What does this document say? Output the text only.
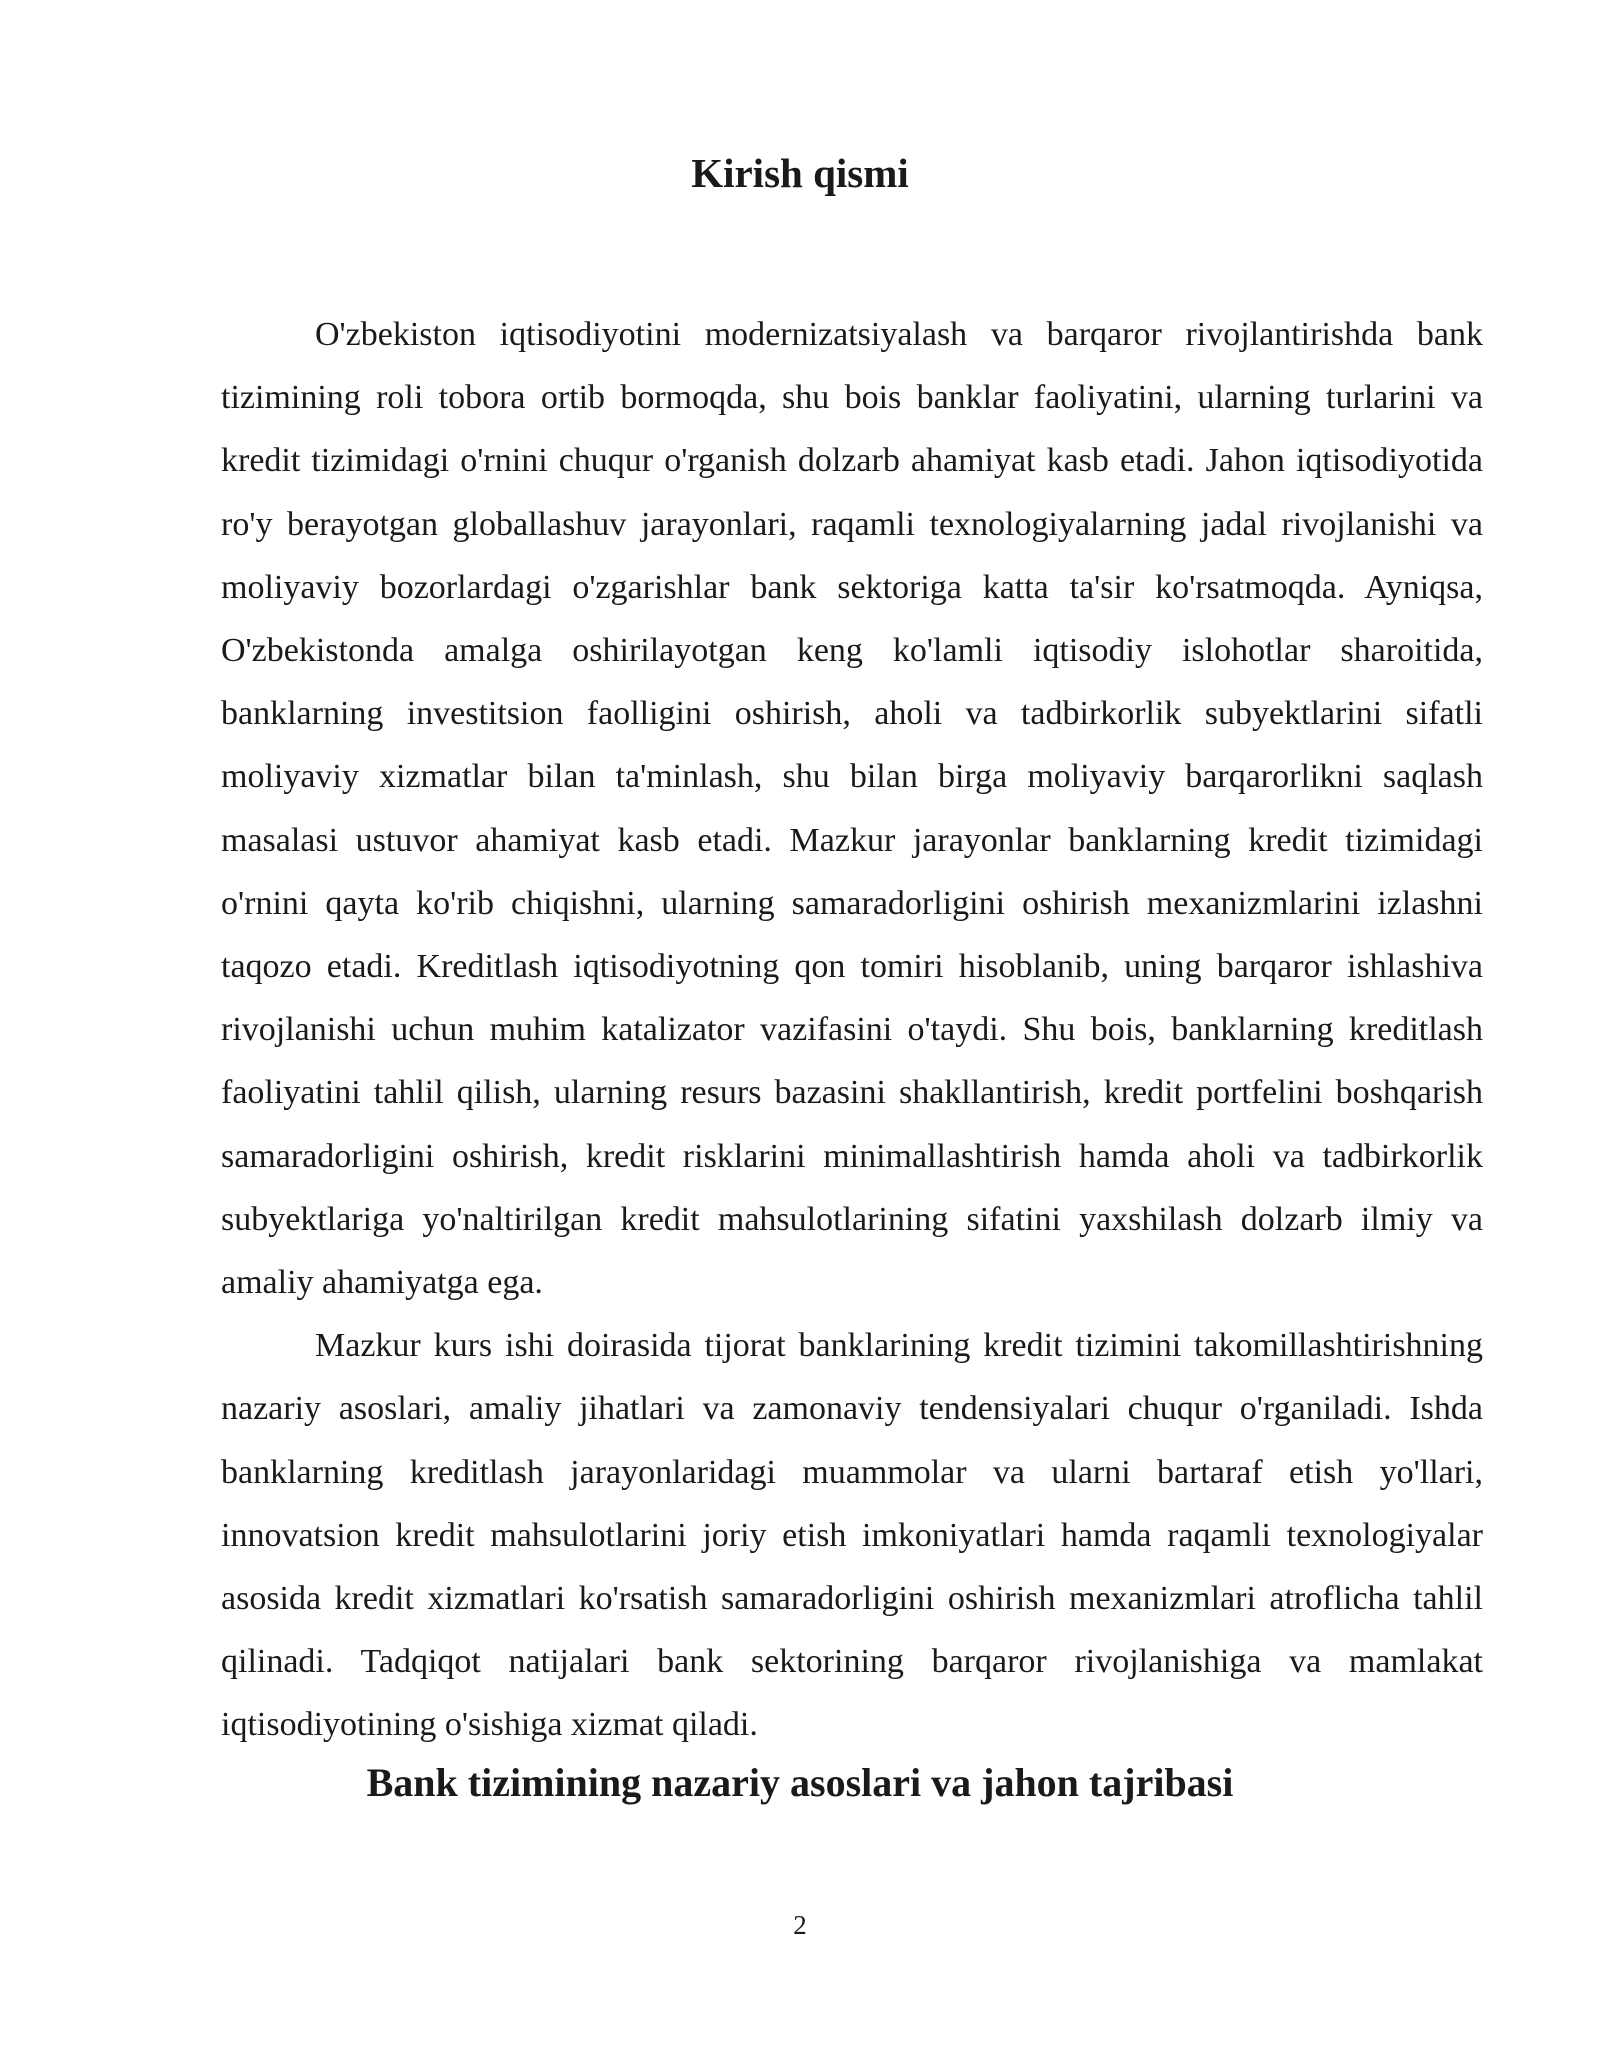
Kirish qismi

O'zbekiston iqtisodiyotini modernizatsiyalash va barqaror rivojlantirishda bank tizimining roli tobora ortib bormoqda, shu bois banklar faoliyatini, ularning turlarini va kredit tizimidagi o'rnini chuqur o'rganish dolzarb ahamiyat kasb etadi. Jahon iqtisodiyotida ro'y berayotgan globallashuv jarayonlari, raqamli texnologiyalarning jadal rivojlanishi va moliyaviy bozorlardagi o'zgarishlar bank sektoriga katta ta'sir ko'rsatmoqda. Ayniqsa, O'zbekistonda amalga oshirilayotgan keng ko'lamli iqtisodiy islohotlar sharoitida, banklarning investitsion faolligini oshirish, aholi va tadbirkorlik subyektlarini sifatli moliyaviy xizmatlar bilan ta'minlash, shu bilan birga moliyaviy barqarorlikni saqlash masalasi ustuvor ahamiyat kasb etadi. Mazkur jarayonlar banklarning kredit tizimidagi o'rnini qayta ko'rib chiqishni, ularning samaradorligini oshirish mexanizmlarini izlashni taqozo etadi. Kreditlash iqtisodiyotning qon tomiri hisoblanib, uning barqaror ishlashiva rivojlanishi uchun muhim katalizator vazifasini o'taydi. Shu bois, banklarning kreditlash faoliyatini tahlil qilish, ularning resurs bazasini shakllantirish, kredit portfelini boshqarish samaradorligini oshirish, kredit risklarini minimallashtirish hamda aholi va tadbirkorlik subyektlariga yo'naltirilgan kredit mahsulotlarining sifatini yaxshilash dolzarb ilmiy va amaliy ahamiyatga ega.

Mazkur kurs ishi doirasida tijorat banklarining kredit tizimini takomillashtirishning nazariy asoslari, amaliy jihatlari va zamonaviy tendensiyalari chuqur o'rganiladi. Ishda banklarning kreditlash jarayonlaridagi muammolar va ularni bartaraf etish yo'llari, innovatsion kredit mahsulotlarini joriy etish imkoniyatlari hamda raqamli texnologiyalar asosida kredit xizmatlari ko'rsatish samaradorligini oshirish mexanizmlari atroflicha tahlil qilinadi. Tadqiqot natijalari bank sektorining barqaror rivojlanishiga va mamlakat iqtisodiyotining o'sishiga xizmat qiladi.

Bank tizimining nazariy asoslari va jahon tajribasi
2
